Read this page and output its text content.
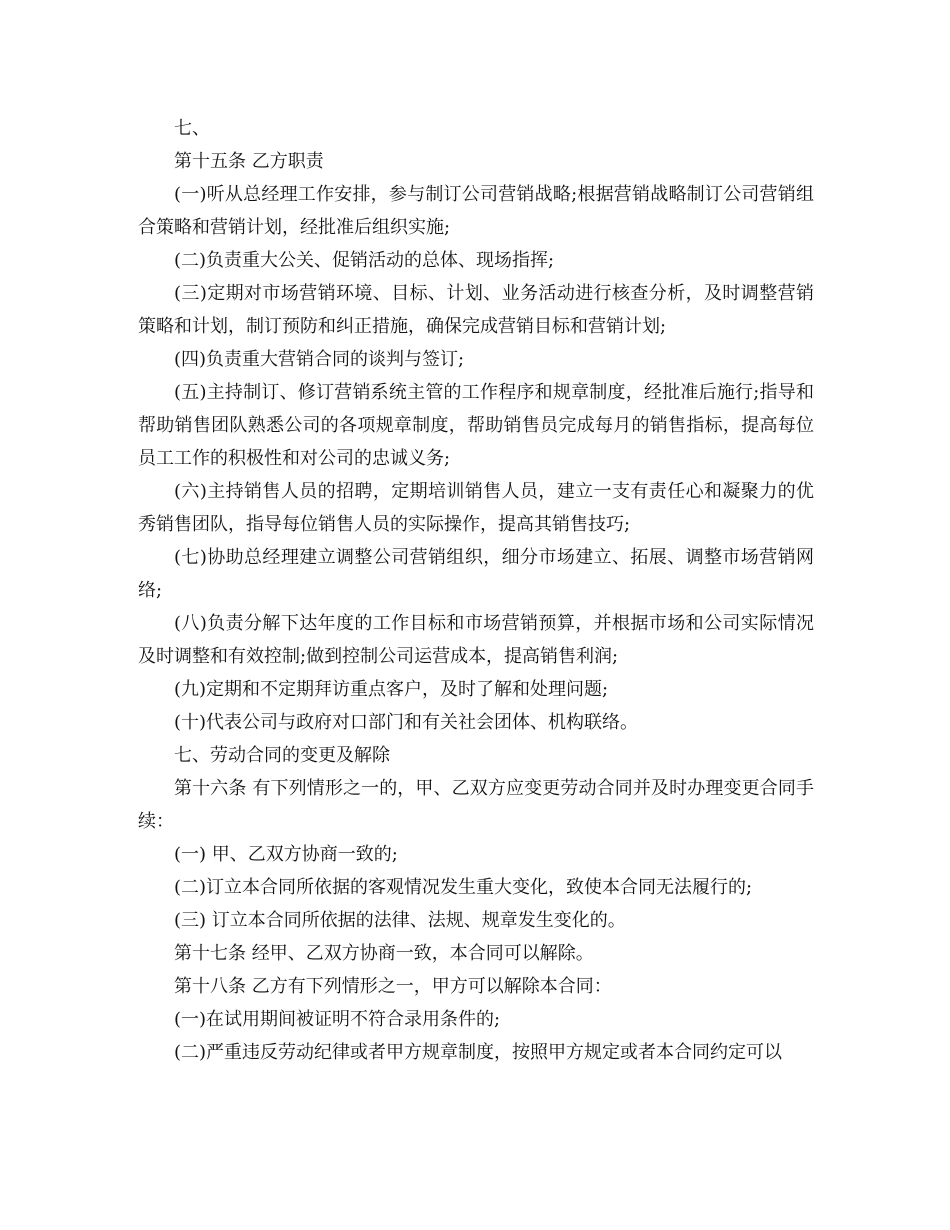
七、

第十五条 乙方职责

(一)听从总经理工作安排，参与制订公司营销战略;根据营销战略制订公司营销组合策略和营销计划，经批准后组织实施;

(二)负责重大公关、促销活动的总体、现场指挥;

(三)定期对市场营销环境、目标、计划、业务活动进行核查分析，及时调整营销策略和计划，制订预防和纠正措施，确保完成营销目标和营销计划;

(四)负责重大营销合同的谈判与签订;

(五)主持制订、修订营销系统主管的工作程序和规章制度，经批准后施行;指导和帮助销售团队熟悉公司的各项规章制度，帮助销售员完成每月的销售指标，提高每位员工工作的积极性和对公司的忠诚义务;

(六)主持销售人员的招聘，定期培训销售人员，建立一支有责任心和凝聚力的优秀销售团队，指导每位销售人员的实际操作，提高其销售技巧;

(七)协助总经理建立调整公司营销组织，细分市场建立、拓展、调整市场营销网络;

(八)负责分解下达年度的工作目标和市场营销预算，并根据市场和公司实际情况及时调整和有效控制;做到控制公司运营成本，提高销售利润;

(九)定期和不定期拜访重点客户，及时了解和处理问题;

(十)代表公司与政府对口部门和有关社会团体、机构联络。

七、劳动合同的变更及解除

第十六条 有下列情形之一的，甲、乙双方应变更劳动合同并及时办理变更合同手续：

(一) 甲、乙双方协商一致的;

(二)订立本合同所依据的客观情况发生重大变化，致使本合同无法履行的;

(三) 订立本合同所依据的法律、法规、规章发生变化的。

第十七条 经甲、乙双方协商一致，本合同可以解除。

第十八条 乙方有下列情形之一，甲方可以解除本合同：

(一)在试用期间被证明不符合录用条件的;

(二)严重违反劳动纪律或者甲方规章制度，按照甲方规定或者本合同约定可以
